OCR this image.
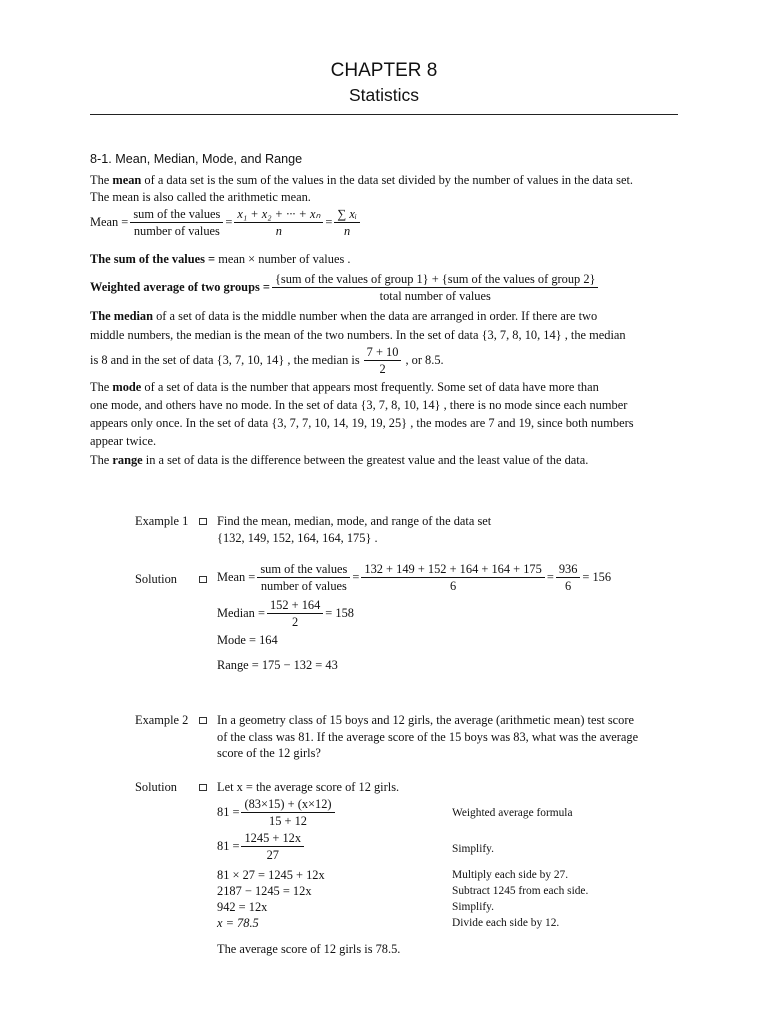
CHAPTER 8
Statistics
8-1. Mean, Median, Mode, and Range
The mean of a data set is the sum of the values in the data set divided by the number of values in the data set.
The mean is also called the arithmetic mean.
Mean = $\frac{\text{sum of the values}}{\text{number of values}} = \frac{\text{x₁ + x₂ + ··· + xₙ}}{n} = \frac{\text{∑ xᵢ}}{n}$
The sum of the values = mean × number of values .
Weighted average of two groups =
{sum of the values of group 1} + {sum of the values of group 2}
total number of values
The median of a set of data is the middle number when the data are arranged in order. If there are two
middle numbers, the median is the mean of the two numbers. In the set of data {3, 7, 8, 10, 14} , the median
is 8 and in the set of data {3, 7, 10, 14} , the median is $\frac{7 + 10}{2}$ , or 8.5.
The mode of a set of data is the number that appears most frequently. Some set of data have more than
one mode, and others have no mode. In the set of data {3, 7, 8, 10, 14} , there is no mode since each number
appears only once. In the set of data {3, 7, 7, 10, 14, 19, 19, 25} , the modes are 7 and 19, since both numbers
appear twice.
The range in a set of data is the difference between the greatest value and the least value of the data.
Example 1 Find the mean, median, mode, and range of the data set
{132, 149, 152, 164, 164, 175} .
Solution	Mean = $\frac{\text{sum of the values}}{\text{number of values}} = \frac{132 + 149 + 152 + 164 + 164 + 175}{6} = \frac{936}{6} = 156$
Median = $\frac{152 + 164}{2} = 158$
Mode = 164
Range = 175 − 132 = 43
Example 2 In a geometry class of 15 boys and 12 girls, the average (arithmetic mean) test score
of the class was 81. If the average score of the 15 boys was 83, what was the average
score of the 12 girls?
Solution	Let x = the average score of 12 girls.
$81 = \frac{(83\times 15) + (x\times 12)}{15 + 12}$	Weighted average formula
$81 = \frac{1245 + 12x}{27}$	Simplify.
81 × 27 = 1245 + 12x	Multiply each side by 27.
2187 − 1245 = 12x	Subtract 1245 from each side.
942 = 12x	Simplify.
x = 78.5	Divide each side by 12.
The average score of 12 girls is 78.5.
